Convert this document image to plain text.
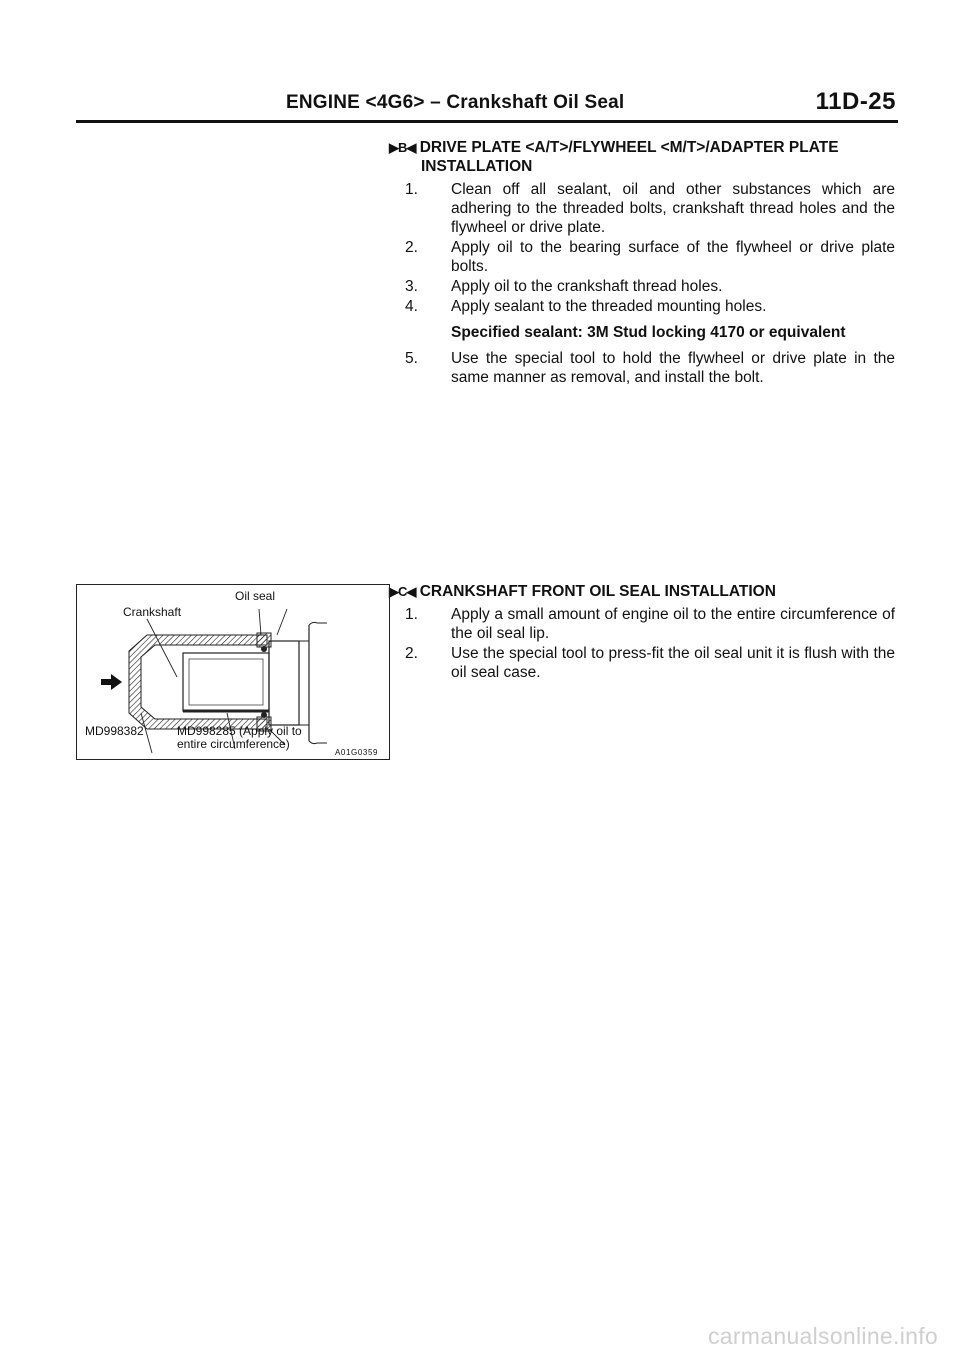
ENGINE <4G6> – Crankshaft Oil Seal	11D-25
▶B◀ DRIVE PLATE <A/T>/FLYWHEEL <M/T>/ADAPTER PLATE INSTALLATION
1.	Clean off all sealant, oil and other substances which are adhering to the threaded bolts, crankshaft thread holes and the flywheel or drive plate.
2.	Apply oil to the bearing surface of the flywheel or drive plate bolts.
3.	Apply oil to the crankshaft thread holes.
4.	Apply sealant to the threaded mounting holes.
Specified sealant: 3M Stud locking 4170 or equivalent
5.	Use the special tool to hold the flywheel or drive plate in the same manner as removal, and install the bolt.
▶C◀ CRANKSHAFT FRONT OIL SEAL INSTALLATION
1.	Apply a small amount of engine oil to the entire circumference of the oil seal lip.
2.	Use the special tool to press-fit the oil seal unit it is flush with the oil seal case.
Oil seal
Crankshaft
MD998382	MD998285 (Apply oil to
entire circumference)
A01G0359
carmanualsonline.info
